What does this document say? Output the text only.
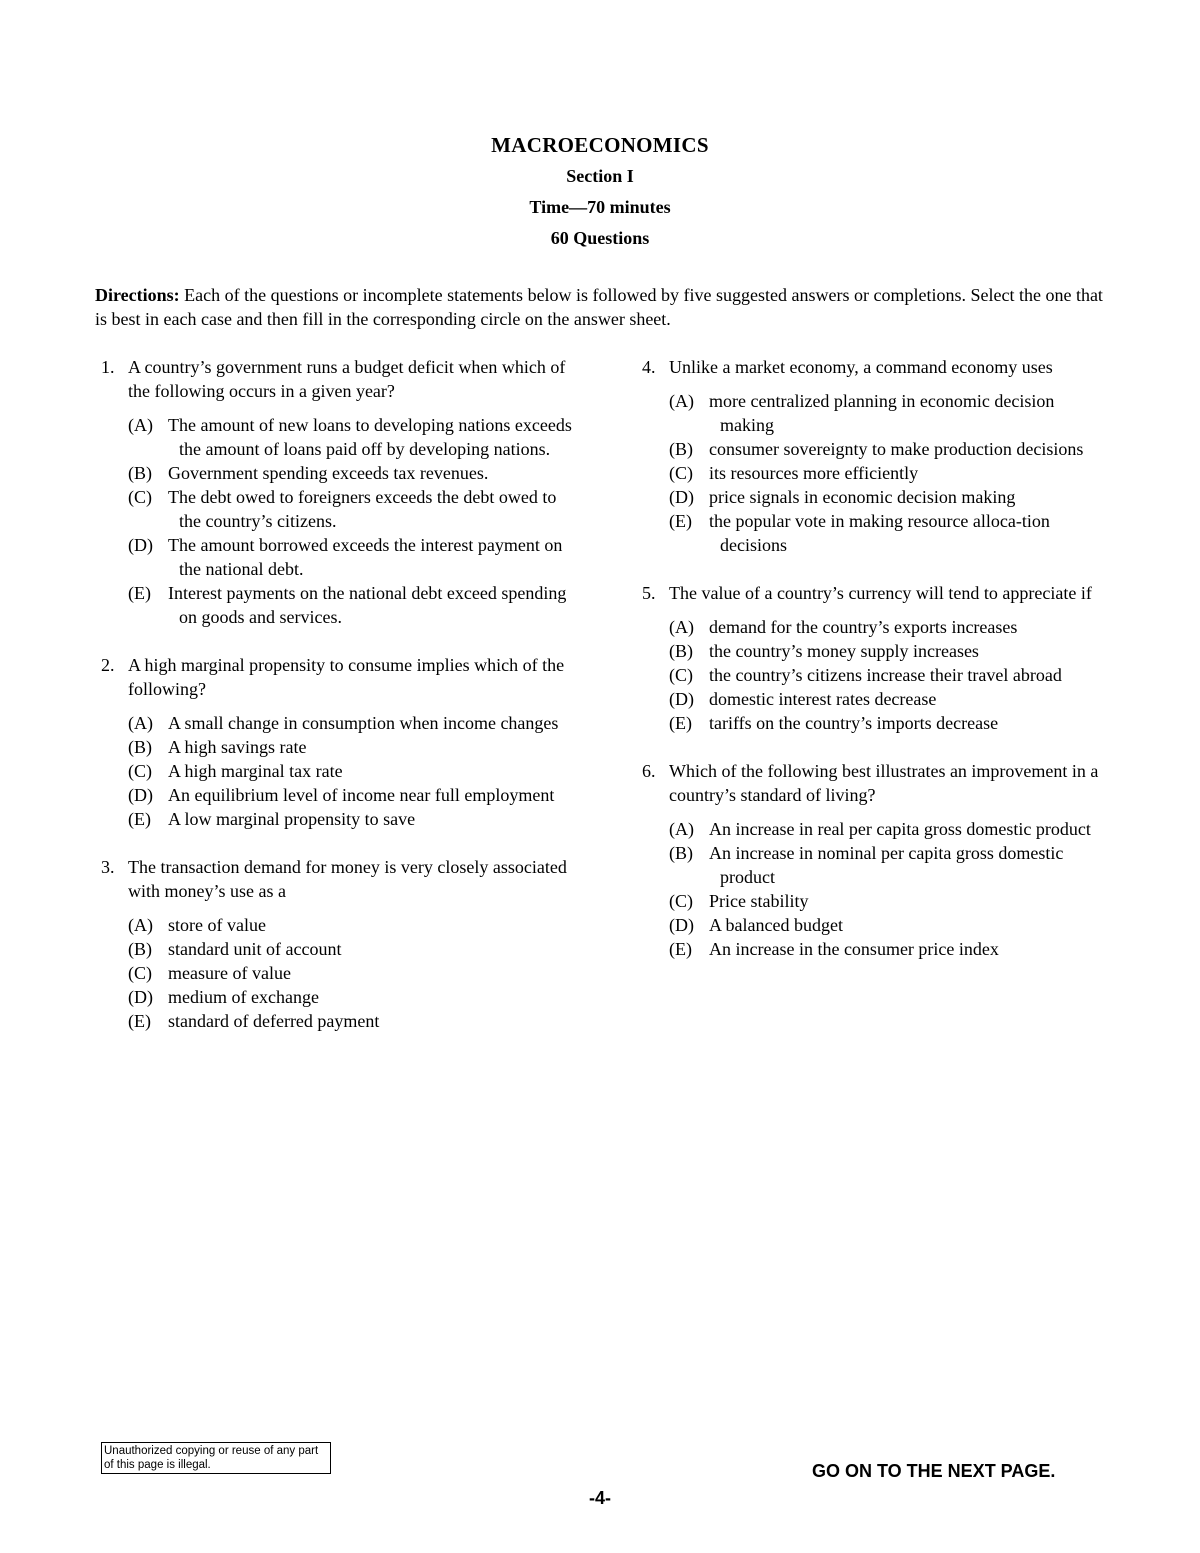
MACROECONOMICS
Section I
Time—70 minutes
60 Questions
Directions: Each of the questions or incomplete statements below is followed by five suggested answers or completions. Select the one that is best in each case and then fill in the corresponding circle on the answer sheet.
1. A country’s government runs a budget deficit when which of the following occurs in a given year?
(A) The amount of new loans to developing nations exceeds the amount of loans paid off by developing nations.
(B) Government spending exceeds tax revenues.
(C) The debt owed to foreigners exceeds the debt owed to the country’s citizens.
(D) The amount borrowed exceeds the interest payment on the national debt.
(E) Interest payments on the national debt exceed spending on goods and services.
2. A high marginal propensity to consume implies which of the following?
(A) A small change in consumption when income changes
(B) A high savings rate
(C) A high marginal tax rate
(D) An equilibrium level of income near full employment
(E) A low marginal propensity to save
3. The transaction demand for money is very closely associated with money’s use as a
(A) store of value
(B) standard unit of account
(C) measure of value
(D) medium of exchange
(E) standard of deferred payment
4. Unlike a market economy, a command economy uses
(A) more centralized planning in economic decision making
(B) consumer sovereignty to make production decisions
(C) its resources more efficiently
(D) price signals in economic decision making
(E) the popular vote in making resource alloca-tion decisions
5. The value of a country’s currency will tend to appreciate if
(A) demand for the country’s exports increases
(B) the country’s money supply increases
(C) the country’s citizens increase their travel abroad
(D) domestic interest rates decrease
(E) tariffs on the country’s imports decrease
6. Which of the following best illustrates an improvement in a country’s standard of living?
(A) An increase in real per capita gross domestic product
(B) An increase in nominal per capita gross domestic product
(C) Price stability
(D) A balanced budget
(E) An increase in the consumer price index
Unauthorized copying or reuse of any part of this page is illegal.	GO ON TO THE NEXT PAGE.
-4-
